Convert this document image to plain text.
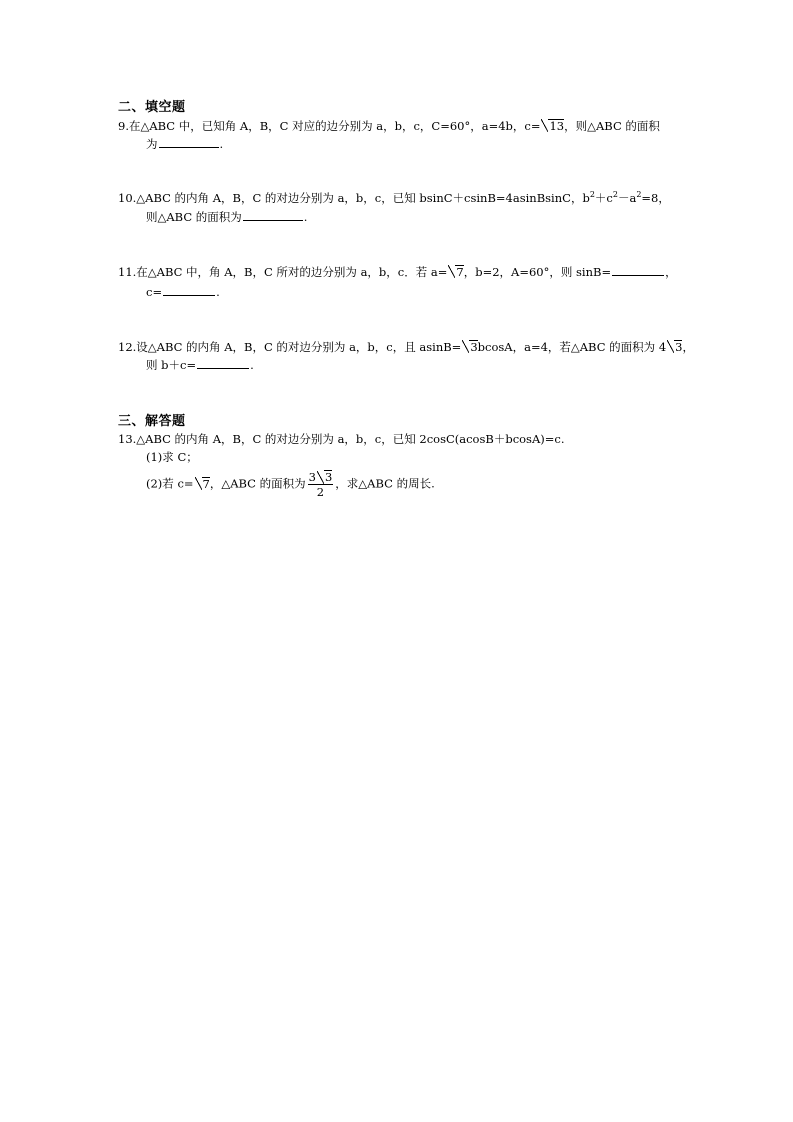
二、填空题
9.在△ABC 中，已知角 A，B，C 对应的边分别为 a，b，c，C=60°，a=4b，c= 13，则△ABC 的面积
为	.
10.△ABC 的内角 A，B，C 的对边分别为 a，b，c，已知 bsinC＋csinB=4asinBsinC，$b^2+c^2-a^2=8$，
则△ABC 的面积为	.
11.在△ABC 中，角 A，B，C 所对的边分别为 a，b，c．若 a= 7，b=2，A=60°，则 sinB=	，
c=	.
12.设△ABC 的内角 A，B，C 的对边分别为 a，b，c，且 asinB= 3bcosA，a=4，若△ABC 的面积为 4 3，
则 b＋c=	.
三、解答题
13.△ABC 的内角 A，B，C 的对边分别为 a，b，c，已知 2cosC(acosB＋bcosA)=c.
(1)求 C；
(2)若 c= 7，△ABC 的面积为 $\frac{3 3}{2}$ ，求△ABC 的周长.
